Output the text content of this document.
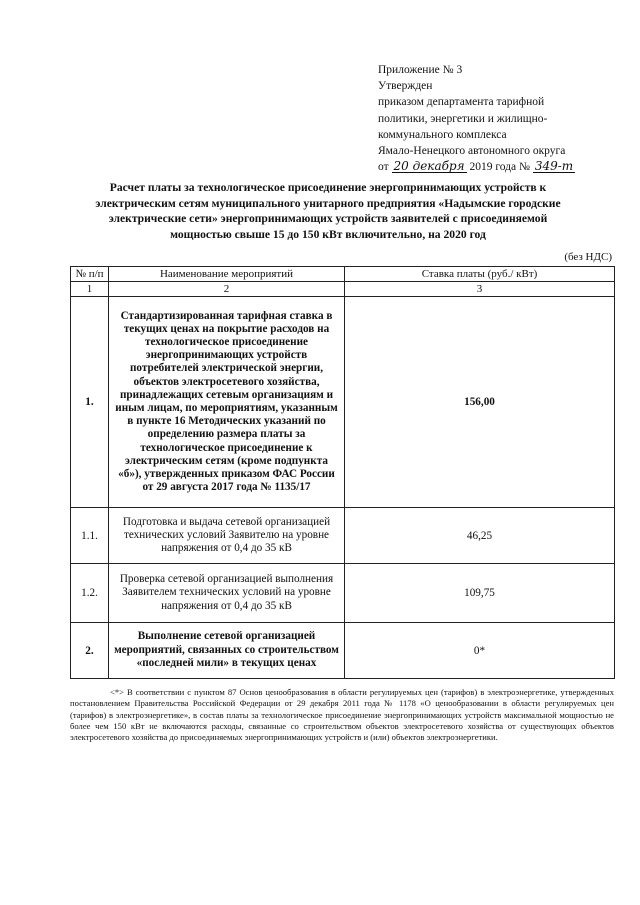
Приложение № 3
Утвержден
приказом департамента тарифной
политики, энергетики и жилищно-
коммунального комплекса
Ямало-Ненецкого автономного округа
от 20 декабря 2019 года № 349-т
Расчет платы за технологическое присоединение энергопринимающих устройств к электрическим сетям муниципального унитарного предприятия «Надымские городские электрические сети» энергопринимающих устройств заявителей с присоединяемой мощностью свыше 15 до 150 кВт включительно, на 2020 год
(без НДС)
№ п/п	Наименование мероприятий	Ставка платы (руб./ кВт)
1	2	3
1.	Стандартизированная тарифная ставка в текущих ценах на покрытие расходов на технологическое присоединение энергопринимающих устройств потребителей электрической энергии, объектов электросетевого хозяйства, принадлежащих сетевым организациям и иным лицам, по мероприятиям, указанным в пункте 16 Методических указаний по определению размера платы за технологическое присоединение к электрическим сетям (кроме подпункта «б»), утвержденных приказом ФАС России от 29 августа 2017 года № 1135/17	156,00
1.1.	Подготовка и выдача сетевой организацией технических условий Заявителю на уровне напряжения от 0,4 до 35 кВ	46,25
1.2.	Проверка сетевой организацией выполнения Заявителем технических условий на уровне напряжения от 0,4 до 35 кВ	109,75
2.	Выполнение сетевой организацией мероприятий, связанных со строительством «последней мили» в текущих ценах	0*
<*> В соответствии с пунктом 87 Основ ценообразования в области регулируемых цен (тарифов) в электроэнергетике, утвержденных постановлением Правительства Российской Федерации от 29 декабря 2011 года № 1178 «О ценообразовании в области регулируемых цен (тарифов) в электроэнергетике», в состав платы за технологическое присоединение энергопринимающих устройств максимальной мощностью не более чем 150 кВт не включаются расходы, связанные со строительством объектов электросетевого хозяйства от существующих объектов электросетевого хозяйства до присоединяемых энергопринимающих устройств и (или) объектов электроэнергетики.
